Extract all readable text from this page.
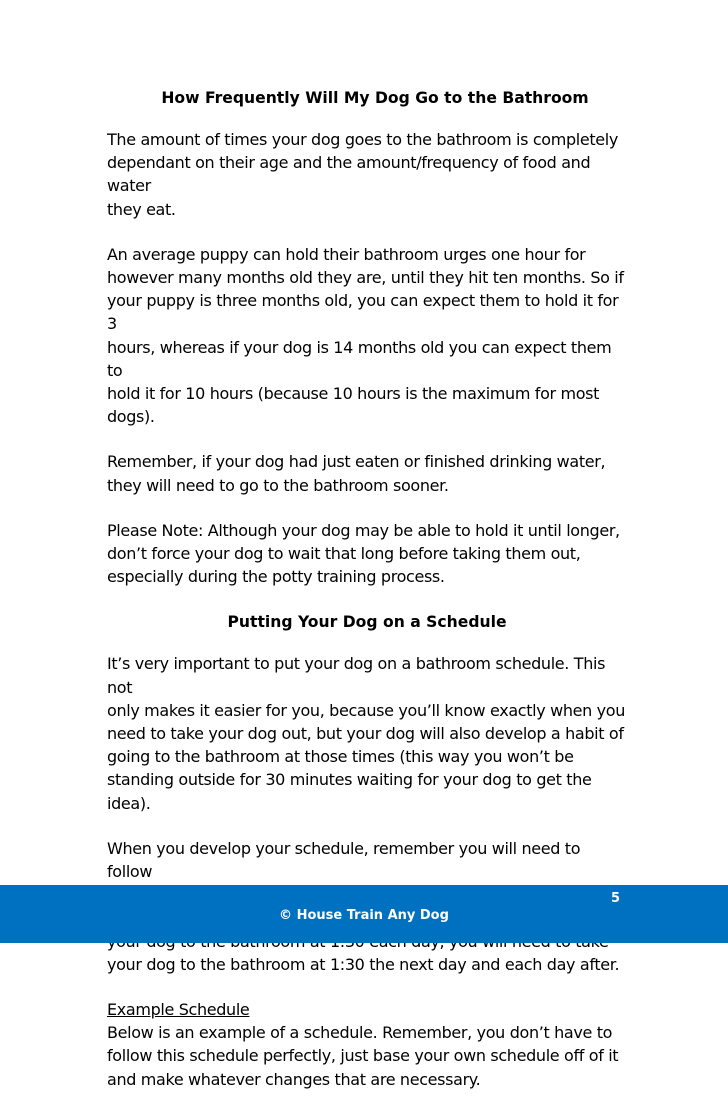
How Frequently Will My Dog Go to the Bathroom

The amount of times your dog goes to the bathroom is completely
dependant on their age and the amount/frequency of food and water
they eat.

An average puppy can hold their bathroom urges one hour for
however many months old they are, until they hit ten months. So if
your puppy is three months old, you can expect them to hold it for 3
hours, whereas if your dog is 14 months old you can expect them to
hold it for 10 hours (because 10 hours is the maximum for most
dogs).

Remember, if your dog had just eaten or finished drinking water,
they will need to go to the bathroom sooner.

Please Note: Although your dog may be able to hold it until longer,
don’t force your dog to wait that long before taking them out,
especially during the potty training process.

Putting Your Dog on a Schedule

It’s very important to put your dog on a bathroom schedule. This not
only makes it easier for you, because you’ll know exactly when you
need to take your dog out, but your dog will also develop a habit of
going to the bathroom at those times (this way you won’t be
standing outside for 30 minutes waiting for your dog to get the idea).

When you develop your schedule, remember you will need to follow

your dog to the bathroom at 1:30 the next day and each day after.

Example Schedule

Below is an example of a schedule. Remember, you don’t have to
follow this schedule perfectly, just base your own schedule off of it
and make whatever changes that are necessary.

5
© House Train Any Dog
